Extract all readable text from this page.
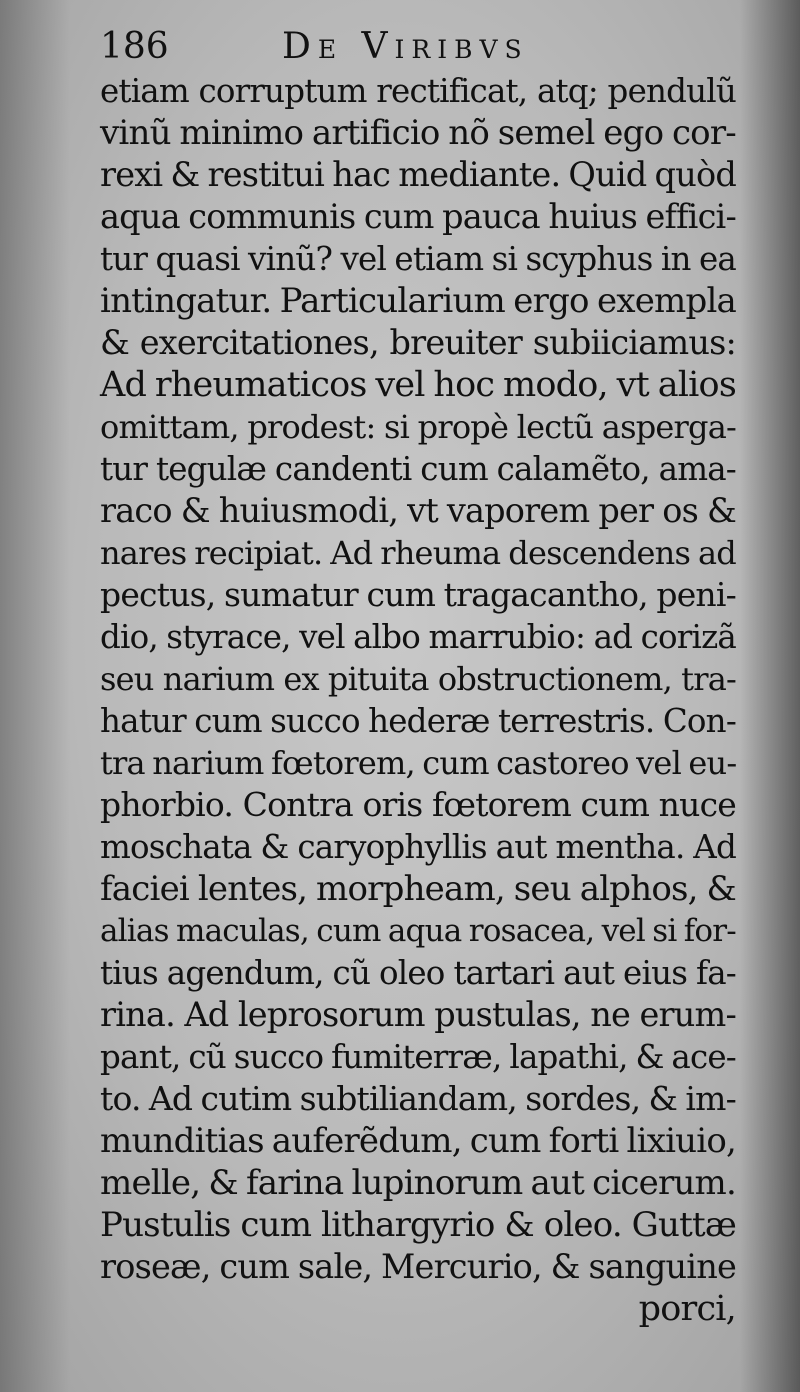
186	De Viribvs
etiam corruptum rectificat, atq; pendulũ
vinũ minimo artificio nõ semel ego cor-
rexi & restitui hac mediante. Quid quòd
aqua communis cum pauca huius effici-
tur quasi vinũ? vel etiam si scyphus in ea
intingatur. Particularium ergo exempla
& exercitationes, breuiter subiiciamus:
Ad rheumaticos vel hoc modo, vt alios
omittam, prodest: si propè lectũ asperga-
tur tegulæ candenti cum calamẽto, ama-
raco & huiusmodi, vt vaporem per os &
nares recipiat. Ad rheuma descendens ad
pectus, sumatur cum tragacantho, peni-
dio, styrace, vel albo marrubio: ad corizã
seu narium ex pituita obstructionem, tra-
hatur cum succo hederæ terrestris. Con-
tra narium fœtorem, cum castoreo vel eu-
phorbio. Contra oris fœtorem cum nuce
moschata & caryophyllis aut mentha. Ad
faciei lentes, morpheam, seu alphos, &
alias maculas, cum aqua rosacea, vel si for-
tius agendum, cũ oleo tartari aut eius fa-
rina. Ad leprosorum pustulas, ne erum-
pant, cũ succo fumiterræ, lapathi, & ace-
to. Ad cutim subtiliandam, sordes, & im-
munditias auferẽdum, cum forti lixiuio,
melle, & farina lupinorum aut cicerum.
Pustulis cum lithargyrio & oleo. Guttæ
roseæ, cum sale, Mercurio, & sanguine
porci,
